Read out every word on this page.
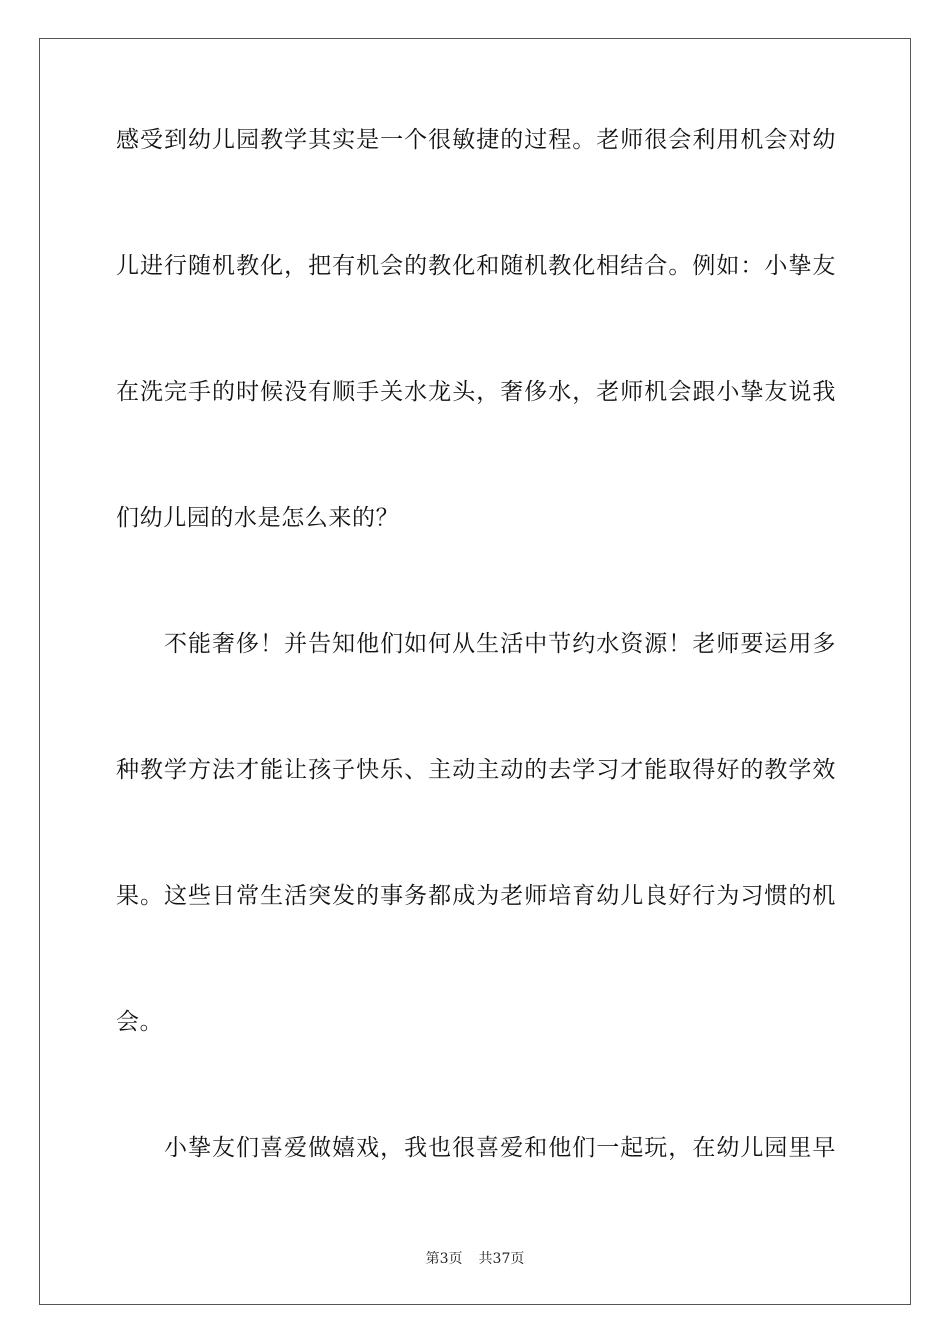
感受到幼儿园教学其实是一个很敏捷的过程。老师很会利用机会对幼

儿进行随机教化，把有机会的教化和随机教化相结合。例如：小挚友

在洗完手的时候没有顺手关水龙头，奢侈水，老师机会跟小挚友说我

们幼儿园的水是怎么来的？

不能奢侈！并告知他们如何从生活中节约水资源！老师要运用多

种教学方法才能让孩子快乐、主动主动的去学习才能取得好的教学效

果。这些日常生活突发的事务都成为老师培育幼儿良好行为习惯的机

会。

小挚友们喜爱做嬉戏，我也很喜爱和他们一起玩，在幼儿园里早

第3页 共37页
